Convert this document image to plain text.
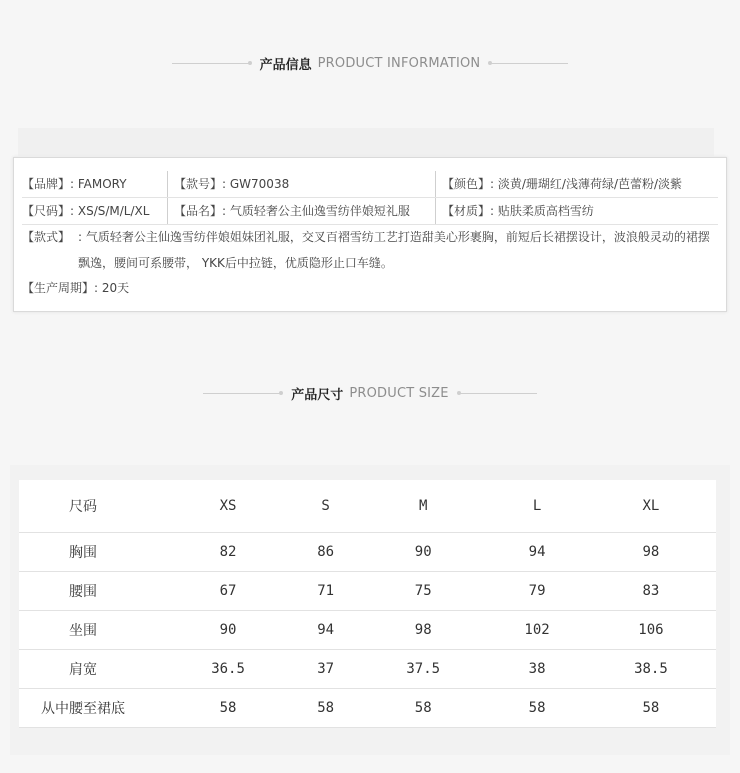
产品信息 PRODUCT INFORMATION
【品牌】: FAMORY	【款号】: GW70038	【颜色】: 淡黄/珊瑚红/浅薄荷绿/芭蕾粉/淡紫
【尺码】: XS/S/M/L/XL	【品名】: 气质轻奢公主仙逸雪纺伴娘短礼服	【材质】: 贴肤柔质高档雪纺
【款式】 : 气质轻奢公主仙逸雪纺伴娘姐妹团礼服，交叉百褶雪纺工艺打造甜美心形裹胸，前短后长裙摆设计，波浪般灵动的裙摆飘逸，腰间可系腰带， YKK后中拉链，优质隐形止口车缝。
【生产周期】: 20天
产品尺寸 PRODUCT SIZE
尺码	XS	S	M	L	XL
胸围	82	86	90	94	98
腰围	67	71	75	79	83
坐围	90	94	98	102	106
肩宽	36.5	37	37.5	38	38.5
从中腰至裙底	58	58	58	58	58
